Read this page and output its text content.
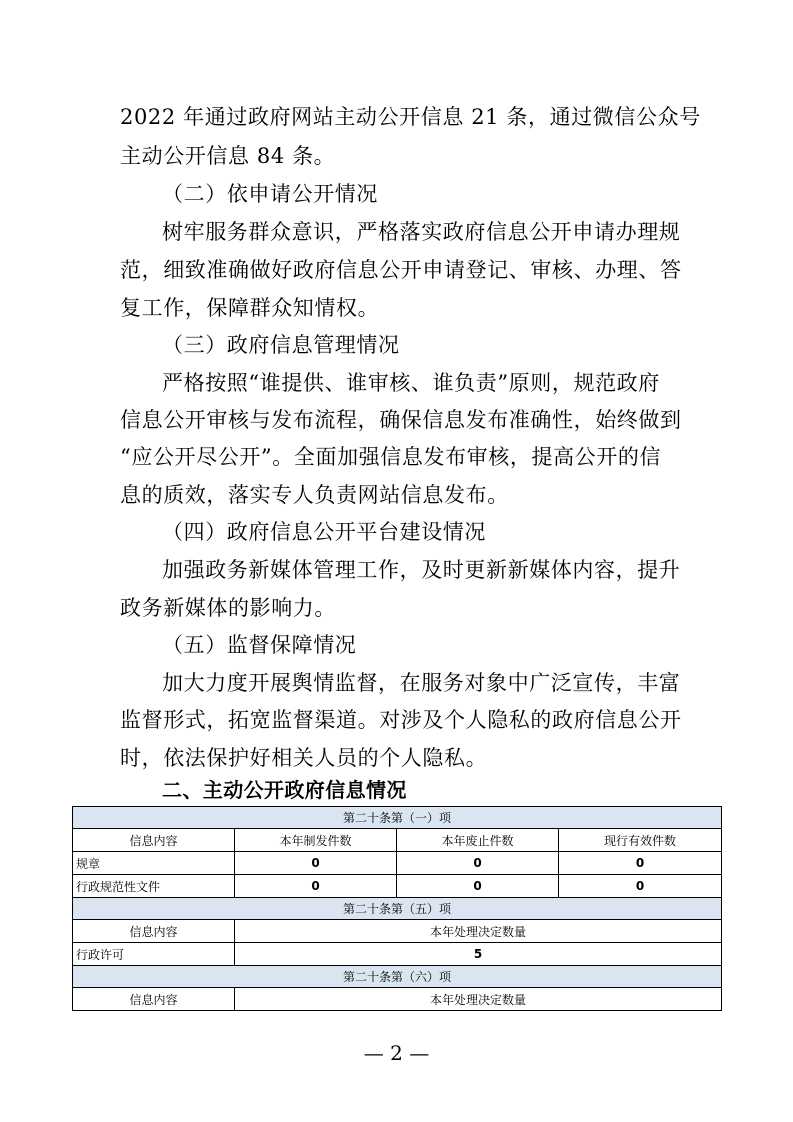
2022 年通过政府网站主动公开信息 21 条，通过微信公众号

主动公开信息 84 条。

（二）依申请公开情况

树牢服务群众意识，严格落实政府信息公开申请办理规

范，细致准确做好政府信息公开申请登记、审核、办理、答

复工作，保障群众知情权。

（三）政府信息管理情况

严格按照“谁提供、谁审核、谁负责”原则，规范政府

信息公开审核与发布流程，确保信息发布准确性，始终做到

“应公开尽公开”。全面加强信息发布审核，提高公开的信

息的质效，落实专人负责网站信息发布。

（四）政府信息公开平台建设情况

加强政务新媒体管理工作，及时更新新媒体内容，提升

政务新媒体的影响力。

（五）监督保障情况

加大力度开展舆情监督，在服务对象中广泛宣传，丰富

监督形式，拓宽监督渠道。对涉及个人隐私的政府信息公开

时，依法保护好相关人员的个人隐私。

二、主动公开政府信息情况

第二十条第（一）项			
信息内容	本年制发件数	本年废止件数	现行有效件数
规章	0	0	0
行政规范性文件	0	0	0
第二十条第（五）项			
信息内容	本年处理决定数量		
行政许可	5		
第二十条第（六）项			
信息内容	本年处理决定数量		
— 2 —
